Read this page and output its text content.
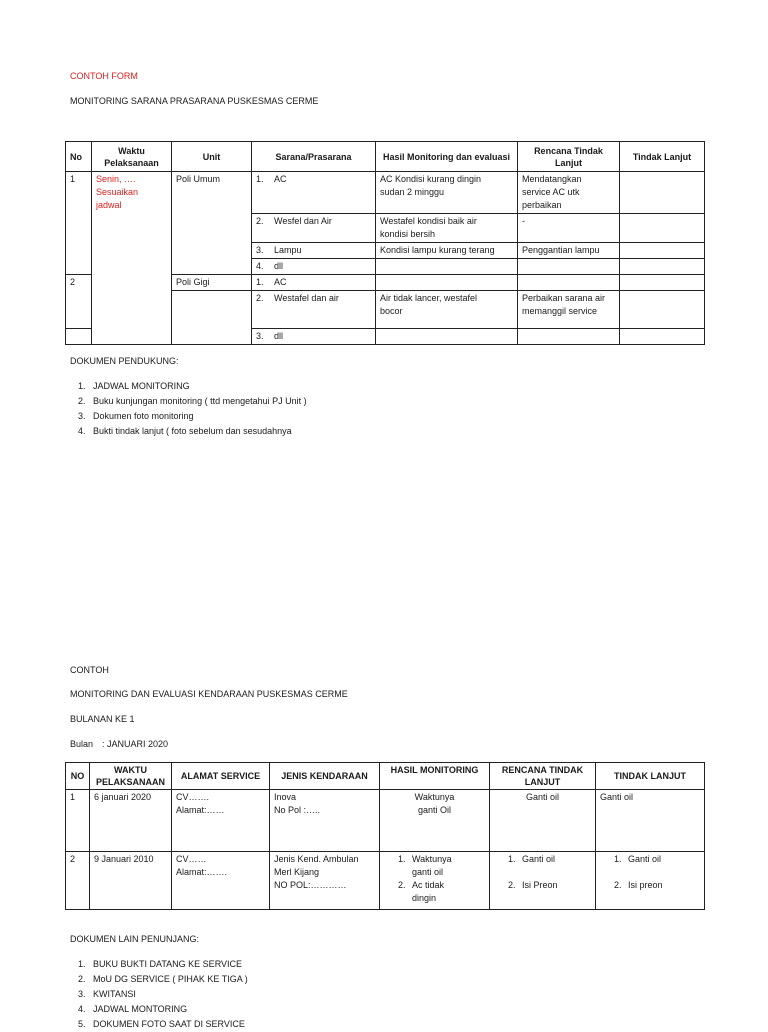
CONTOH FORM
MONITORING SARANA PRASARANA PUSKESMAS CERME
No	Waktu Pelaksanaan	Unit	Sarana/Prasarana	Hasil Monitoring dan evaluasi	Rencana Tindak Lanjut	Tindak Lanjut
1	Senin, ….
Sesuaikan
jadwal	Poli Umum	1. AC	AC Kondisi kurang dingin
sudan 2 minggu	Mendatangkan
service AC utk
perbaikan	

			2. Wesfel dan Air	Westafel kondisi baik air
kondisi bersih	-	
			3. Lampu	Kondisi lampu kurang terang	Penggantian lampu	
			4. dll			
2		Poli Gigi	1. AC			
			2. Westafel dan air	Air tidak lancer, westafel
bocor	Perbaikan sarana air
memanggil service	

			3. dll			
DOKUMEN PENDUKUNG:
1. JADWAL MONITORING
2. Buku kunjungan monitoring ( ttd mengetahui PJ Unit )
3. Dokumen foto monitoring
4. Bukti tindak lanjut ( foto sebelum dan sesudahnya
CONTOH
MONITORING DAN EVALUASI KENDARAAN PUSKESMAS CERME
BULANAN KE 1
Bulan : JANUARI 2020
NO	WAKTU PELAKSANAAN	ALAMAT SERVICE	JENIS KENDARAAN	HASIL MONITORING	RENCANA TINDAK LANJUT	TINDAK LANJUT
1	6 januari 2020	CV…….
Alamat:……	Inova
No Pol :…..	Waktunya
ganti Oil	Ganti oil	Ganti oil
2	9 Januari 2010	CV……
Alamat:…….	Jenis Kend. Ambulan
Merl Kijang
NO POL:…………	1. Waktunya
ganti oil
2. Ac tidak
dingin	1. Ganti oil
2. Isi Preon	1. Ganti oil
2. Isi preon
DOKUMEN LAIN PENUNJANG:
1. BUKU BUKTI DATANG KE SERVICE
2. MoU DG SERVICE ( PIHAK KE TIGA )
3. KWITANSI
4. JADWAL MONTORING
5. DOKUMEN FOTO SAAT DI SERVICE
